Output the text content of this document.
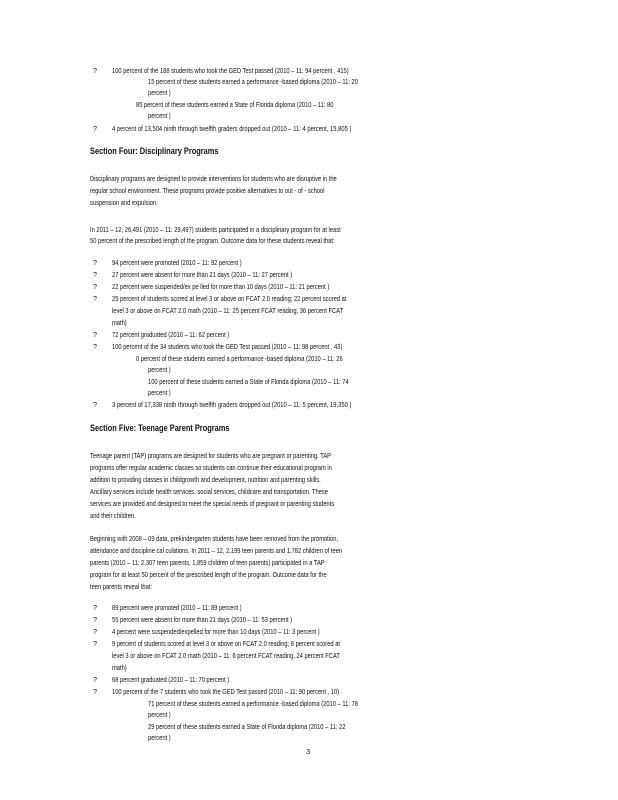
? 100 percent of the 188 students who took the GED Test passed (2010 – 11: 94 percent , 415)
15 percent of these students earned a performance -based diploma (2010 – 11: 20
percent )
85 percent of these students earned a State of Florida diploma (2010 – 11: 80
percent )
? 4 percent of 13,504 ninth through twelfth graders dropped out (2010 – 11: 4 percent, 15,805 )
Section Four: Disciplinary Programs
Disciplinary programs are designed to provide interventions for students who are disruptive in the
regular school environment. These programs provide positive alternatives to out - of - school
suspension and expulsion.
In 2011 – 12, 26,491 (2010 – 11: 29,497) students participated in a disciplinary program for at least
50 percent of the prescribed length of the program. Outcome data for these students reveal that:
? 94 percent were promoted (2010 – 11: 92 percent )
? 27 percent were absent for more than 21 days (2010 – 11: 27 percent )
? 22 percent were suspended/ex pe lled for more than 10 days (2010 – 11: 21 percent )
? 25 percent of students scored at level 3 or above on FCAT 2.0 reading; 22 percent scored at
level 3 or above on FCAT 2.0 math (2010 – 11: 25 percent FCAT reading, 36 percent FCAT
math)
? 72 percent graduated (2010 – 11: 62 percent )
? 100 percent of the 34 students who took the GED Test passed (2010 – 11: 98 percent , 43)
0 percent of these students earned a performance -based diploma (2010 – 11: 26
percent )
100 percent of these students earned a State of Florida diploma (2010 – 11: 74
percent )
? 3 percent of 17,338 ninth through twelfth graders dropped out (2010 – 11: 5 percent, 19,350 )
Section Five: Teenage Parent Programs
Teenage parent (TAP) programs are designed for students who are pregnant or parenting. TAP
programs offer regular academic classes so students can continue their educational program in
addition to providing classes in childgrowth and development, nutrition and parenting skills.
Ancillary services include health services, social services, childcare and transportation. These
services are provided and designed to meet the special needs of pregnant or parenting students
and their children.
Beginning with 2008 – 09 data, prekindergarten students have been removed from the promotion,
attendance and discipline cal culations. In 2011 – 12, 2,199 teen parents and 1,782 children of teen
parents (2010 – 11: 2,307 teen parents, 1,859 children of teen parents) participated in a TAP
program for at least 50 percent of the prescribed length of the program. Outcome data for the
teen parents reveal that:
? 89 percent were promoted (2010 – 11: 89 percent )
? 55 percent were absent for more than 21 days (2010 – 11: 53 percent )
? 4 percent were suspended/expelled for more than 10 days (2010 – 11: 3 percent )
? 9 percent of students scored at level 3 or above on FCAT 2.0 reading; 8 percent scored at
level 3 or above on FCAT 2.0 math (2010 – 11: 6 percent FCAT reading, 24 percent FCAT
math)
? 68 percent graduated (2010 – 11: 70 percent )
? 100 percent of the 7 students who took the GED Test passed (2010 – 11: 90 percent , 10)
71 percent of these students earned a performance -based diploma (2010 – 11: 78
percent )
29 percent of these students earned a State of Florida diploma (2010 – 11: 22
percent )
3
